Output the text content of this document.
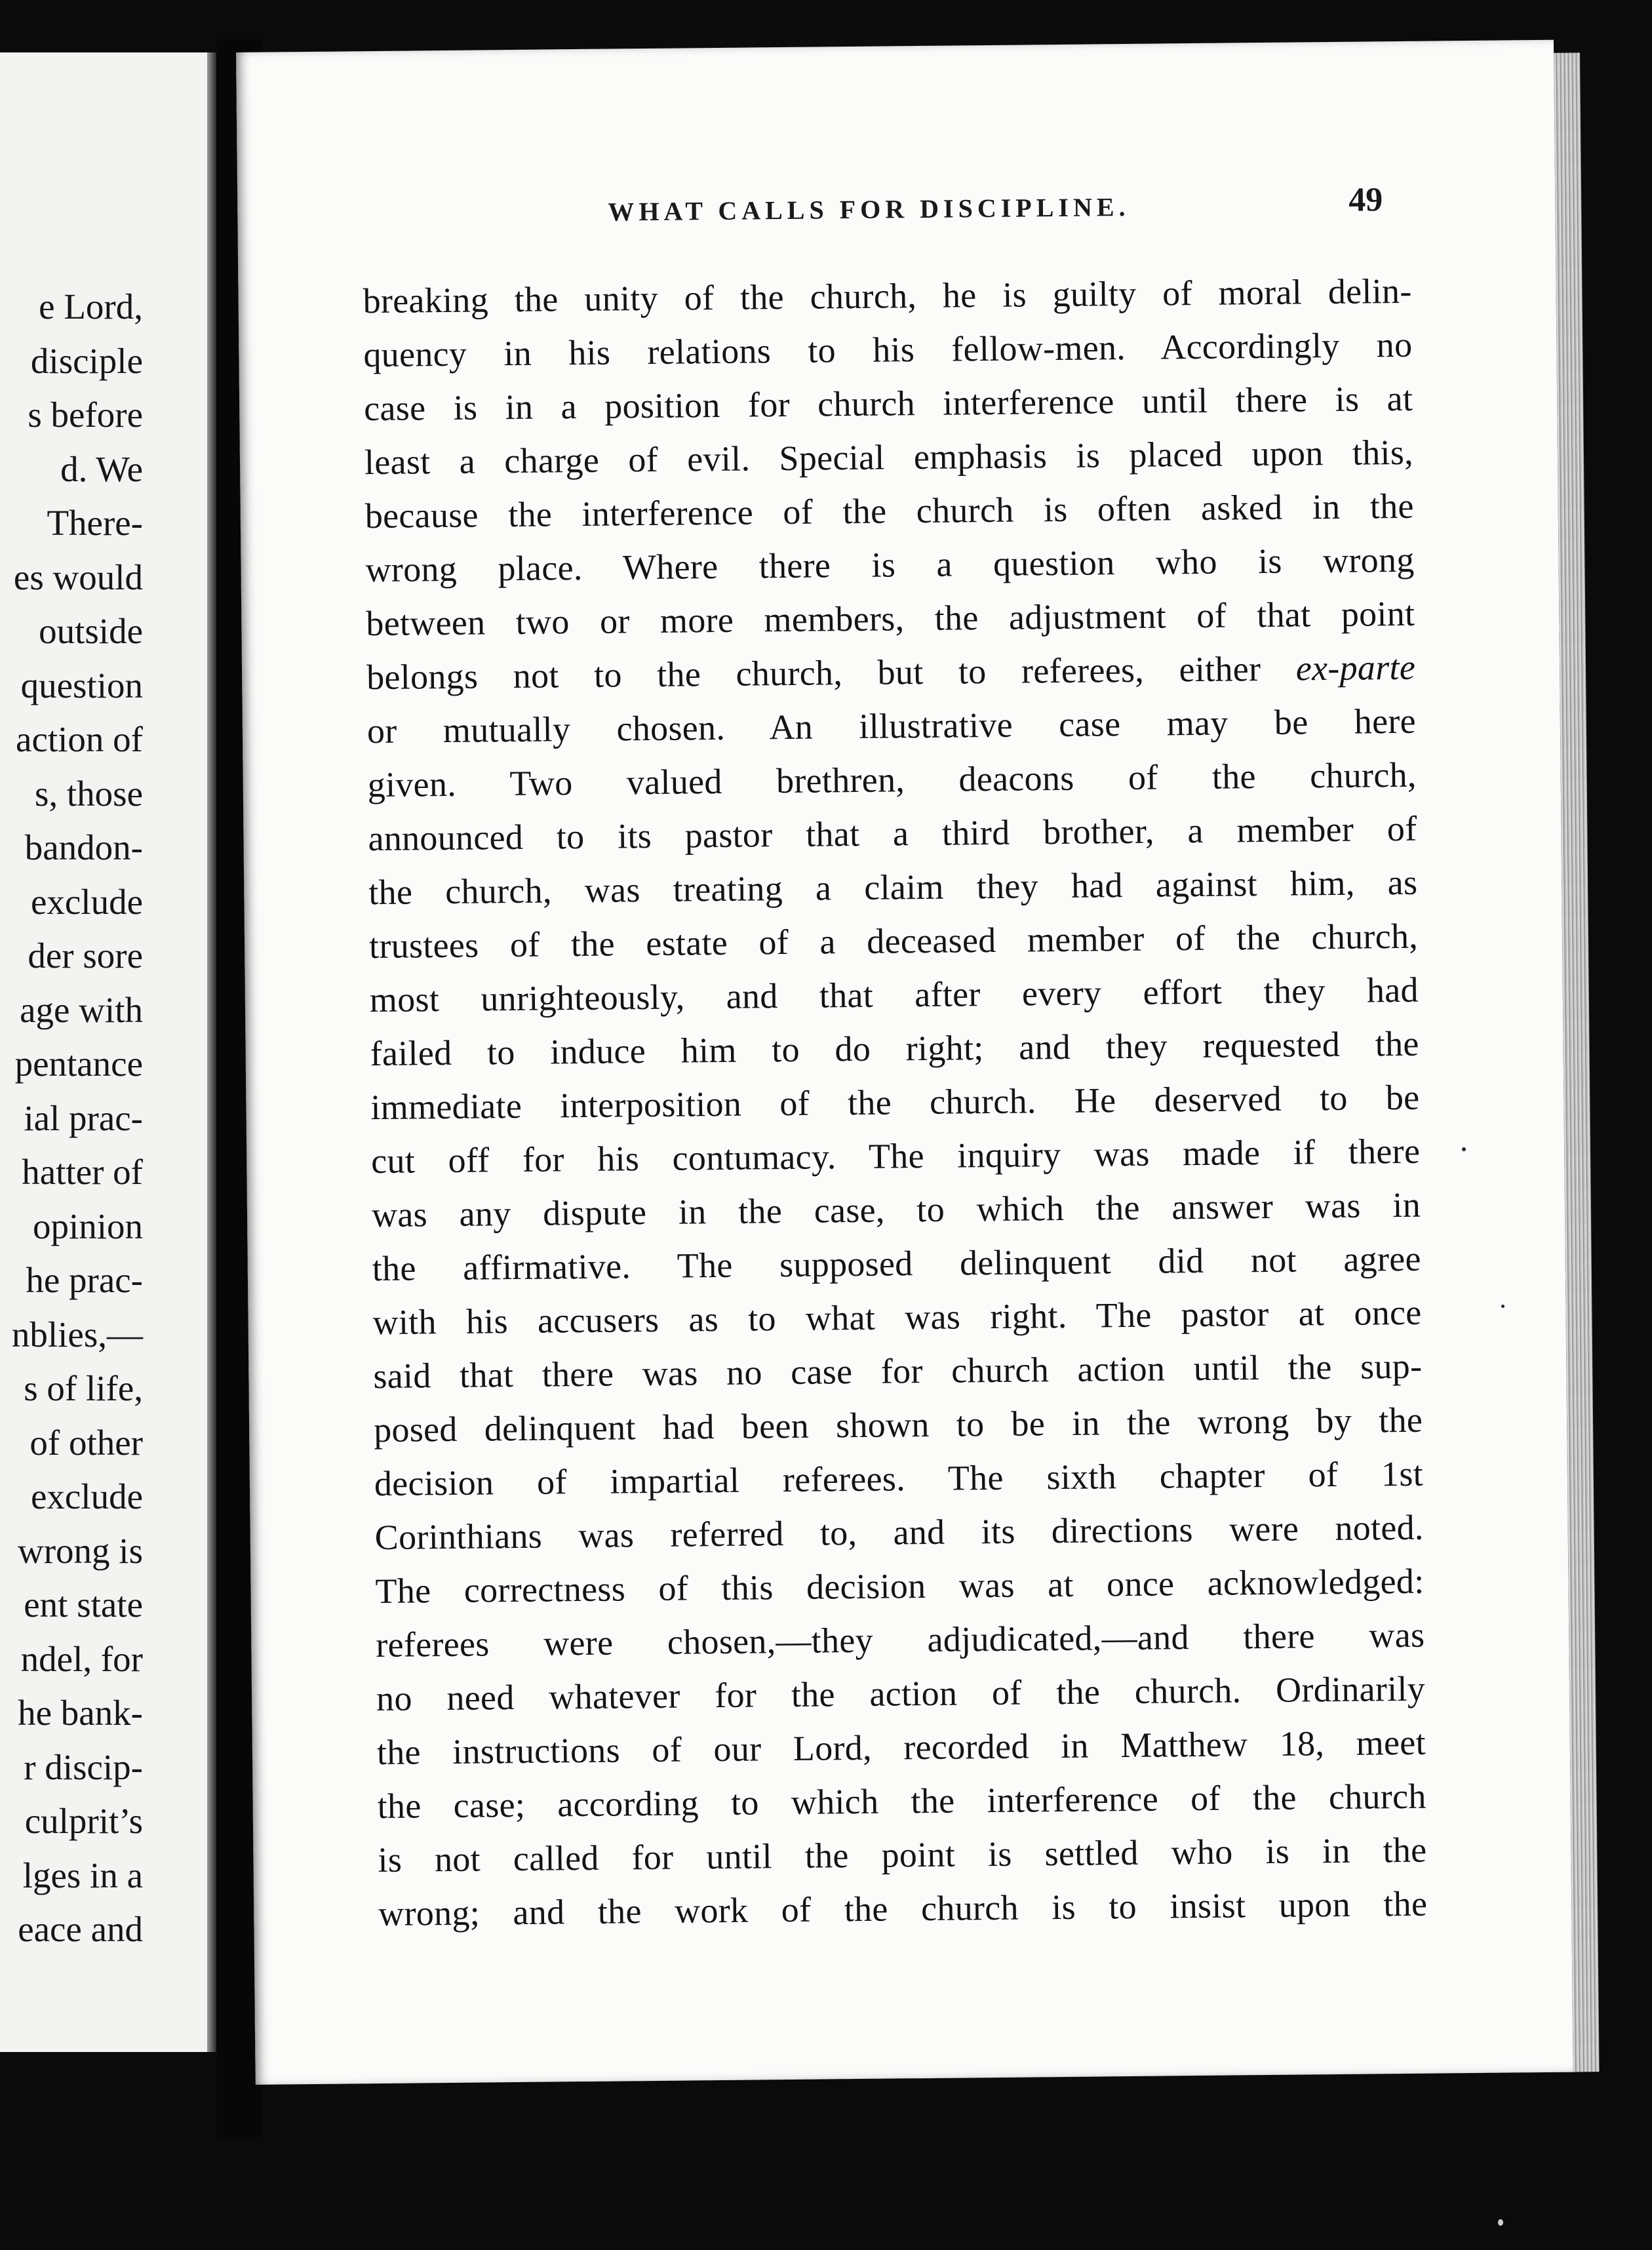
e Lord,
disciple
s before
d. We
There-
es would
outside
question
action of
s, those
bandon-
exclude
der sore
age with
pentance
ial prac-
hatter of
opinion
he prac-
nblies,—
s of life,
of other
exclude
wrong is
ent state
ndel, for
he bank-
r discip-
culprit’s
lges in a
eace and
WHAT CALLS FOR DISCIPLINE.	49
breaking the unity of the church, he is guilty of moral delin-
quency in his relations to his fellow-men. Accordingly no
case is in a position for church interference until there is at
least a charge of evil. Special emphasis is placed upon this,
because the interference of the church is often asked in the
wrong place. Where there is a question who is wrong
between two or more members, the adjustment of that point
belongs not to the church, but to referees, either ex-parte
or mutually chosen. An illustrative case may be here
given. Two valued brethren, deacons of the church,
announced to its pastor that a third brother, a member of
the church, was treating a claim they had against him, as
trustees of the estate of a deceased member of the church,
most unrighteously, and that after every effort they had
failed to induce him to do right; and they requested the
immediate interposition of the church. He deserved to be
cut off for his contumacy. The inquiry was made if there
was any dispute in the case, to which the answer was in
the affirmative. The supposed delinquent did not agree
with his accusers as to what was right. The pastor at once
said that there was no case for church action until the sup-
posed delinquent had been shown to be in the wrong by the
decision of impartial referees. The sixth chapter of 1st
Corinthians was referred to, and its directions were noted.
The correctness of this decision was at once acknowledged:
referees were chosen,—they adjudicated,—and there was
no need whatever for the action of the church. Ordinarily
the instructions of our Lord, recorded in Matthew 18, meet
the case; according to which the interference of the church
is not called for until the point is settled who is in the
wrong; and the work of the church is to insist upon the
